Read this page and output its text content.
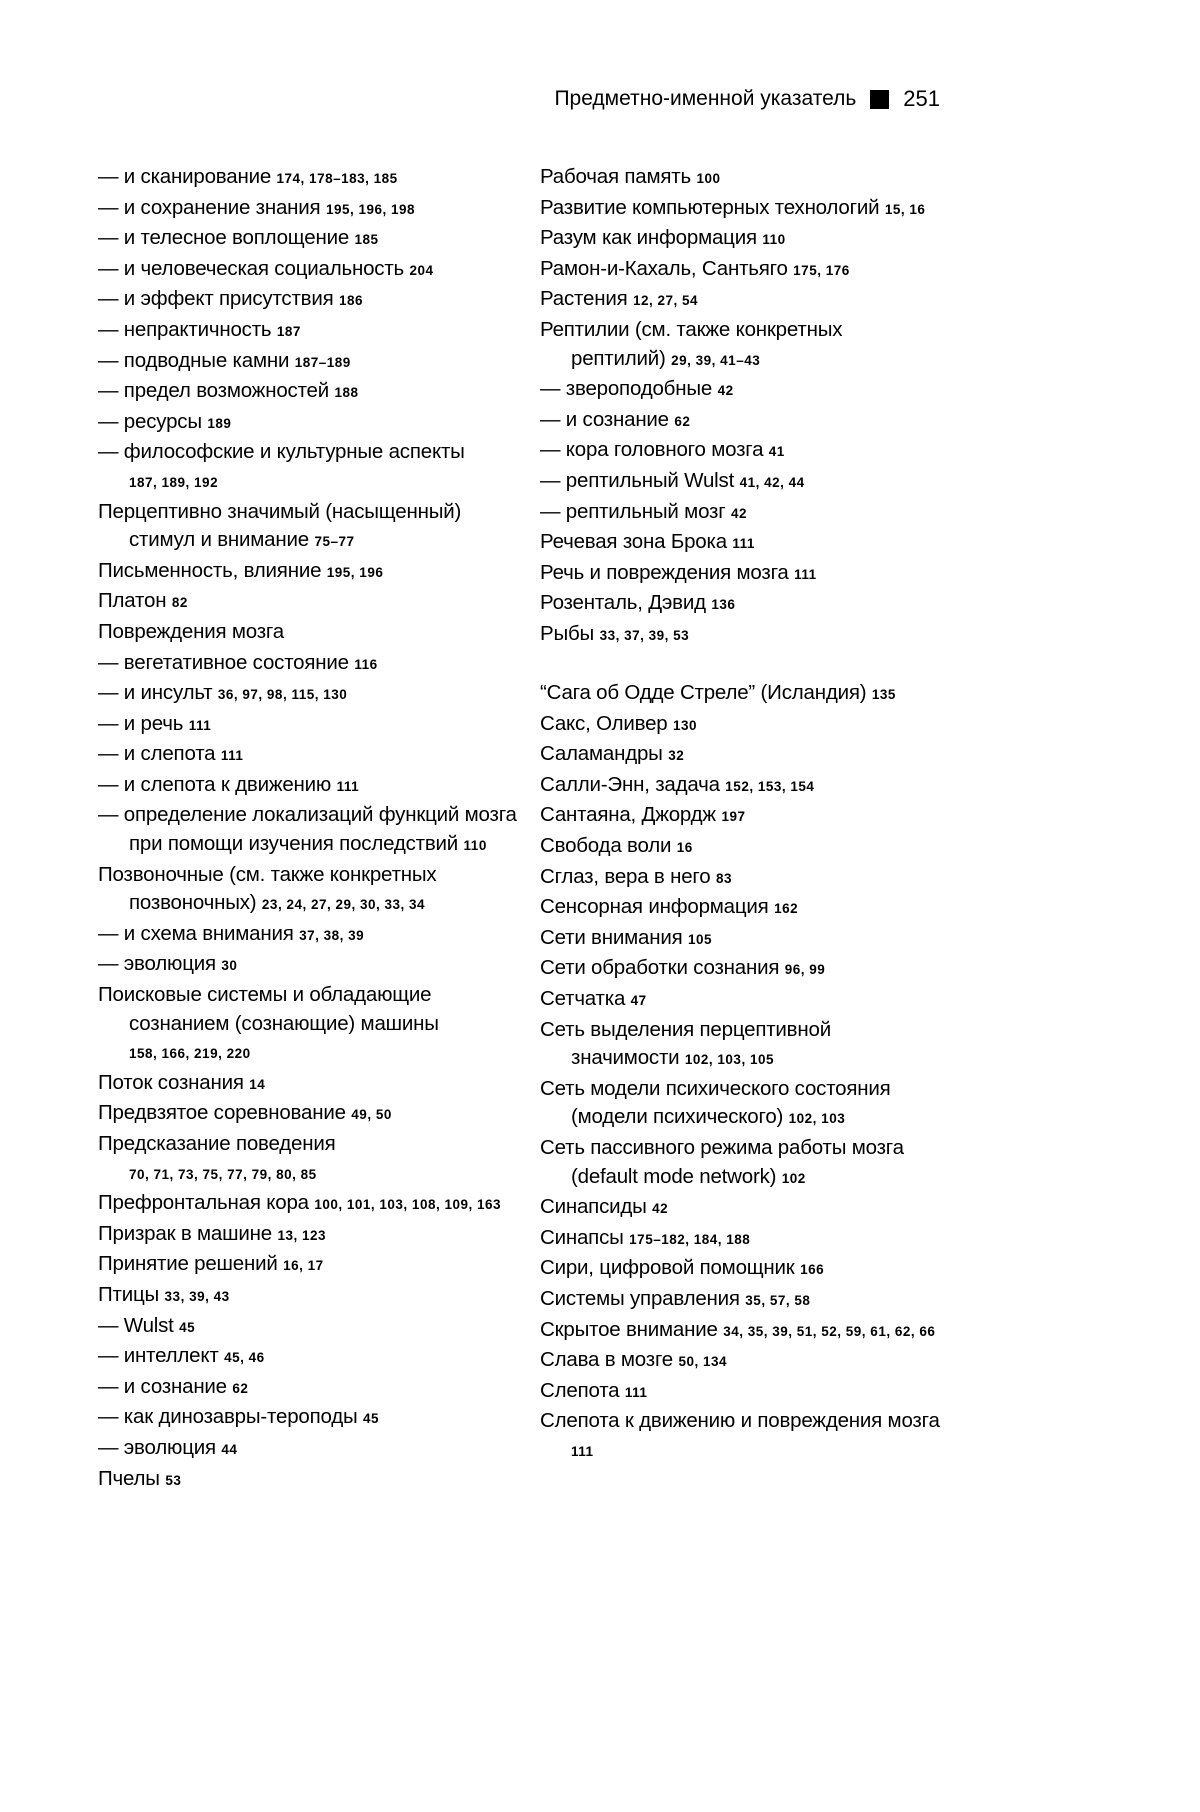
Предметно-именной указатель 251
— и сканирование 174, 178–183, 185
— и сохранение знания 195, 196, 198
— и телесное воплощение 185
— и человеческая социальность 204
— и эффект присутствия 186
— непрактичность 187
— подводные камни 187–189
— предел возможностей 188
— ресурсы 189
— философские и культурные аспекты 187, 189, 192
Перцептивно значимый (насыщенный) стимул и внимание 75–77
Письменность, влияние 195, 196
Платон 82
Повреждения мозга
— вегетативное состояние 116
— и инсульт 36, 97, 98, 115, 130
— и речь 111
— и слепота 111
— и слепота к движению 111
— определение локализаций функций мозга при помощи изучения последствий 110
Позвоночные (см. также конкретных позвоночных) 23, 24, 27, 29, 30, 33, 34
— и схема внимания 37, 38, 39
— эволюция 30
Поисковые системы и обладающие сознанием (сознающие) машины 158, 166, 219, 220
Поток сознания 14
Предвзятое соревнование 49, 50
Предсказание поведения 70, 71, 73, 75, 77, 79, 80, 85
Префронтальная кора 100, 101, 103, 108, 109, 163
Призрак в машине 13, 123
Принятие решений 16, 17
Птицы 33, 39, 43
— Wulst 45
— интеллект 45, 46
— и сознание 62
— как динозавры-тероподы 45
— эволюция 44
Пчелы 53
Рабочая память 100
Развитие компьютерных технологий 15, 16
Разум как информация 110
Рамон-и-Кахаль, Сантьяго 175, 176
Растения 12, 27, 54
Рептилии (см. также конкретных рептилий) 29, 39, 41–43
— звероподобные 42
— и сознание 62
— кора головного мозга 41
— рептильный Wulst 41, 42, 44
— рептильный мозг 42
Речевая зона Брока 111
Речь и повреждения мозга 111
Розенталь, Дэвид 136
Рыбы 33, 37, 39, 53
“Сага об Одде Стреле” (Исландия) 135
Сакс, Оливер 130
Саламандры 32
Салли-Энн, задача 152, 153, 154
Сантаяна, Джордж 197
Свобода воли 16
Сглаз, вера в него 83
Сенсорная информация 162
Сети внимания 105
Сети обработки сознания 96, 99
Сетчатка 47
Сеть выделения перцептивной значимости 102, 103, 105
Сеть модели психического состояния (модели психического) 102, 103
Сеть пассивного режима работы мозга (default mode network) 102
Синапсиды 42
Синапсы 175–182, 184, 188
Сири, цифровой помощник 166
Системы управления 35, 57, 58
Скрытое внимание 34, 35, 39, 51, 52, 59, 61, 62, 66
Слава в мозге 50, 134
Слепота 111
Слепота к движению и повреждения мозга 111
